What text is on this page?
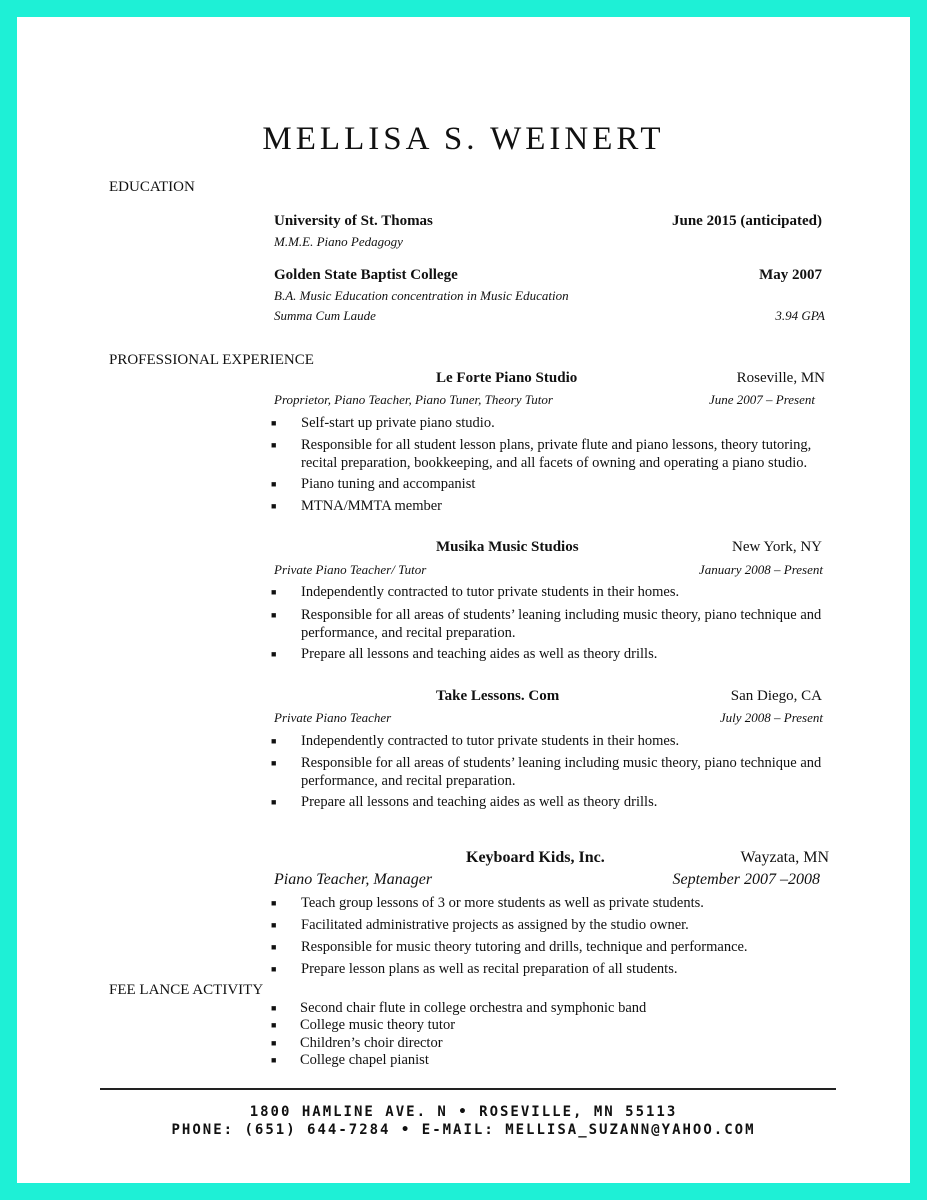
MELLISA S. WEINERT
EDUCATION
University of St. Thomas	June 2015 (anticipated)
M.M.E. Piano Pedagogy
Golden State Baptist College	May 2007
B.A. Music Education concentration in Music Education
Summa Cum Laude	3.94 GPA
PROFESSIONAL EXPERIENCE
Le Forte Piano Studio	Roseville, MN
Proprietor, Piano Teacher, Piano Tuner, Theory Tutor	June 2007 – Present
■ Self-start up private piano studio.
■ Responsible for all student lesson plans, private flute and piano lessons, theory tutoring, recital preparation, bookkeeping, and all facets of owning and operating a piano studio.
■ Piano tuning and accompanist
■ MTNA/MMTA member
Musika Music Studios	New York, NY
Private Piano Teacher/ Tutor	January 2008 – Present
■ Independently contracted to tutor private students in their homes.
■ Responsible for all areas of students’ leaning including music theory, piano technique and performance, and recital preparation.
■ Prepare all lessons and teaching aides as well as theory drills.
Take Lessons. Com	San Diego, CA
Private Piano Teacher	July 2008 – Present
■ Independently contracted to tutor private students in their homes.
■ Responsible for all areas of students’ leaning including music theory, piano technique and performance, and recital preparation.
■ Prepare all lessons and teaching aides as well as theory drills.
Keyboard Kids, Inc.	Wayzata, MN
Piano Teacher, Manager	September 2007 –2008
■ Teach group lessons of 3 or more students as well as private students.
■ Facilitated administrative projects as assigned by the studio owner.
■ Responsible for music theory tutoring and drills, technique and performance.
■ Prepare lesson plans as well as recital preparation of all students.
FEE LANCE ACTIVITY
■ Second chair flute in college orchestra and symphonic band
■ College music theory tutor
■ Children’s choir director
■ College chapel pianist
1800 HAMLINE AVE. N • ROSEVILLE, MN 55113
PHONE: (651) 644-7284 • E-MAIL: MELLISA_SUZANN@YAHOO.COM
